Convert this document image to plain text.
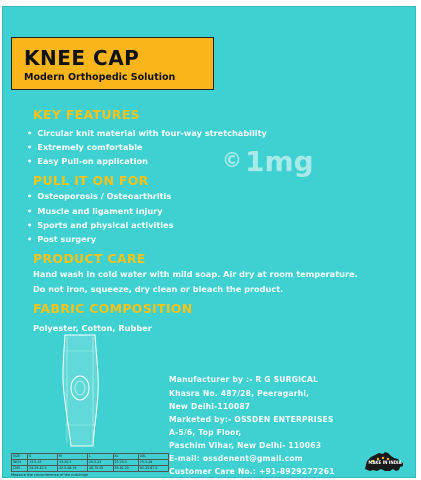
KNEE CAP
Modern Orthopedic Solution
KEY FEATURES
• Circular knit material with four-way stretchability
• Extremely comfortable
• Easy Pull-on application	© 1mg
PULL IT ON FOR
• Osteoporosis / Osteoarthritis
• Muscle and ligament injury
• Sports and physical activities
• Post surgery
PRODUCT CARE
Hand wash in cold water with mild soap. Air dry at room temperature.
Do not iron, squeeze, dry clean or bleach the product.
FABRIC COMPOSITION
Polyester, Cotton, Rubber
Manufacturer by :- R G SURGICAL
Khasra No. 487/28, Peeragarhi,
New Delhi-110087
Marketed by:- OSSDEN ENTERPRISES
A-5/6, Top Floor,
Paschim Vihar, New Delhi- 110063
E-mail: ossdenent@gmail.com
Customer Care No.: +91-8929277261
SIZE	S	M	L	XL	XXL
INCH	13.5-15	15-20.5	20.5-23	23-25.5	25.5-28
CMS	34.29-42.5	42.5-48.79	48.79-55	55-61.25	61.25-67.5
Measure the circumference of the mid-thigh
MAKE IN INDIA
